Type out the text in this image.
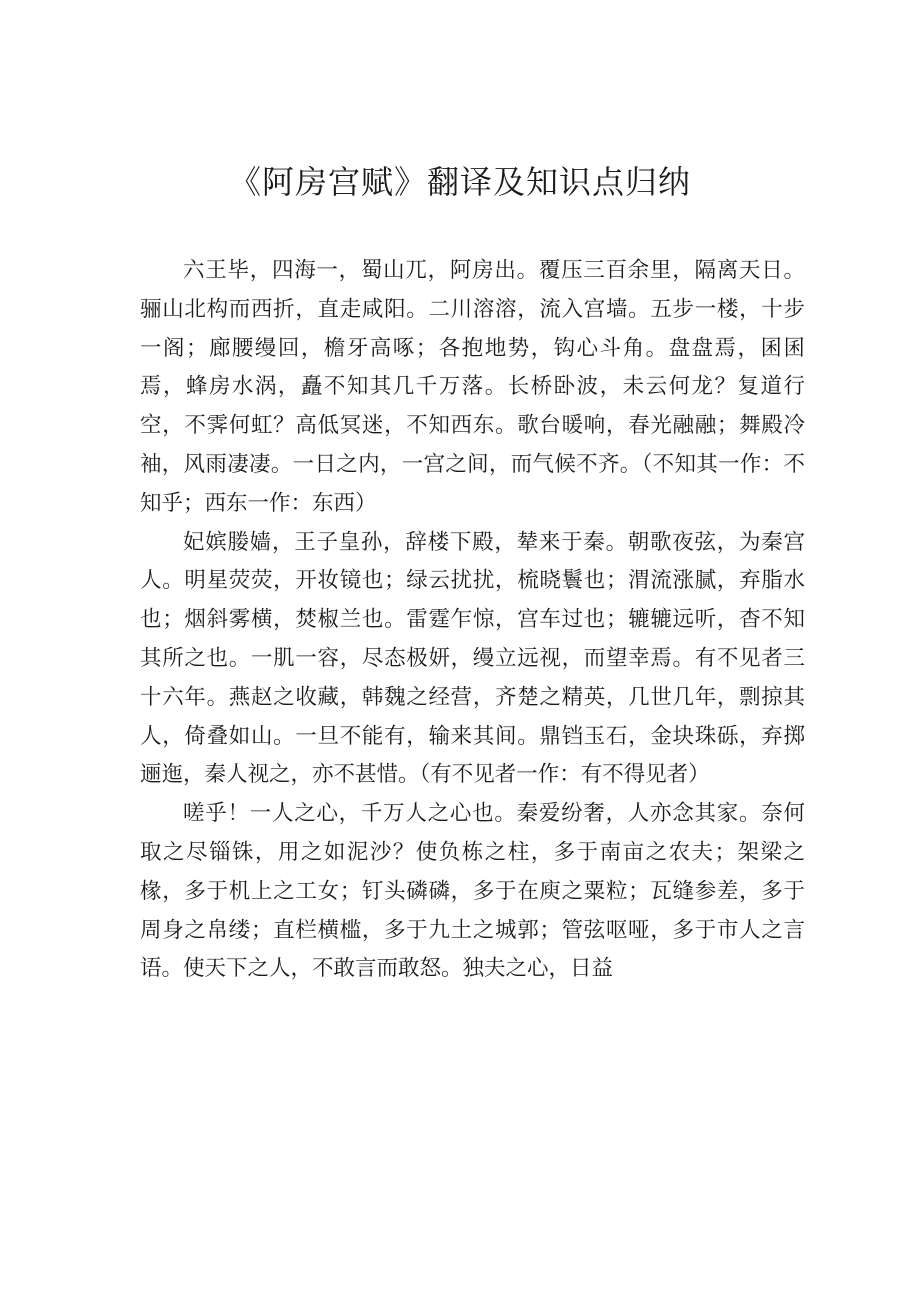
《阿房宫赋》翻译及知识点归纳

六王毕，四海一，蜀山兀，阿房出。覆压三百余里，隔离天日。骊山北构而西折，直走咸阳。二川溶溶，流入宫墙。五步一楼，十步一阁；廊腰缦回，檐牙高啄；各抱地势，钩心斗角。盘盘焉，囷囷焉，蜂房水涡，矗不知其几千万落。长桥卧波，未云何龙？复道行空，不霁何虹？高低冥迷，不知西东。歌台暖响，春光融融；舞殿冷袖，风雨凄凄。一日之内，一宫之间，而气候不齐。（不知其一作：不知乎；西东一作：东西）

妃嫔媵嫱，王子皇孙，辞楼下殿，辇来于秦。朝歌夜弦，为秦宫人。明星荧荧，开妆镜也；绿云扰扰，梳晓鬟也；渭流涨腻，弃脂水也；烟斜雾横，焚椒兰也。雷霆乍惊，宫车过也；辘辘远听，杳不知其所之也。一肌一容，尽态极妍，缦立远视，而望幸焉。有不见者三十六年。燕赵之收藏，韩魏之经营，齐楚之精英，几世几年，剽掠其人，倚叠如山。一旦不能有，输来其间。鼎铛玉石，金块珠砾，弃掷逦迤，秦人视之，亦不甚惜。（有不见者一作：有不得见者）

嗟乎！一人之心，千万人之心也。秦爱纷奢，人亦念其家。奈何取之尽锱铢，用之如泥沙？使负栋之柱，多于南亩之农夫；架梁之椽，多于机上之工女；钉头磷磷，多于在庾之粟粒；瓦缝参差，多于周身之帛缕；直栏横槛，多于九土之城郭；管弦呕哑，多于市人之言语。使天下之人，不敢言而敢怒。独夫之心，日益
